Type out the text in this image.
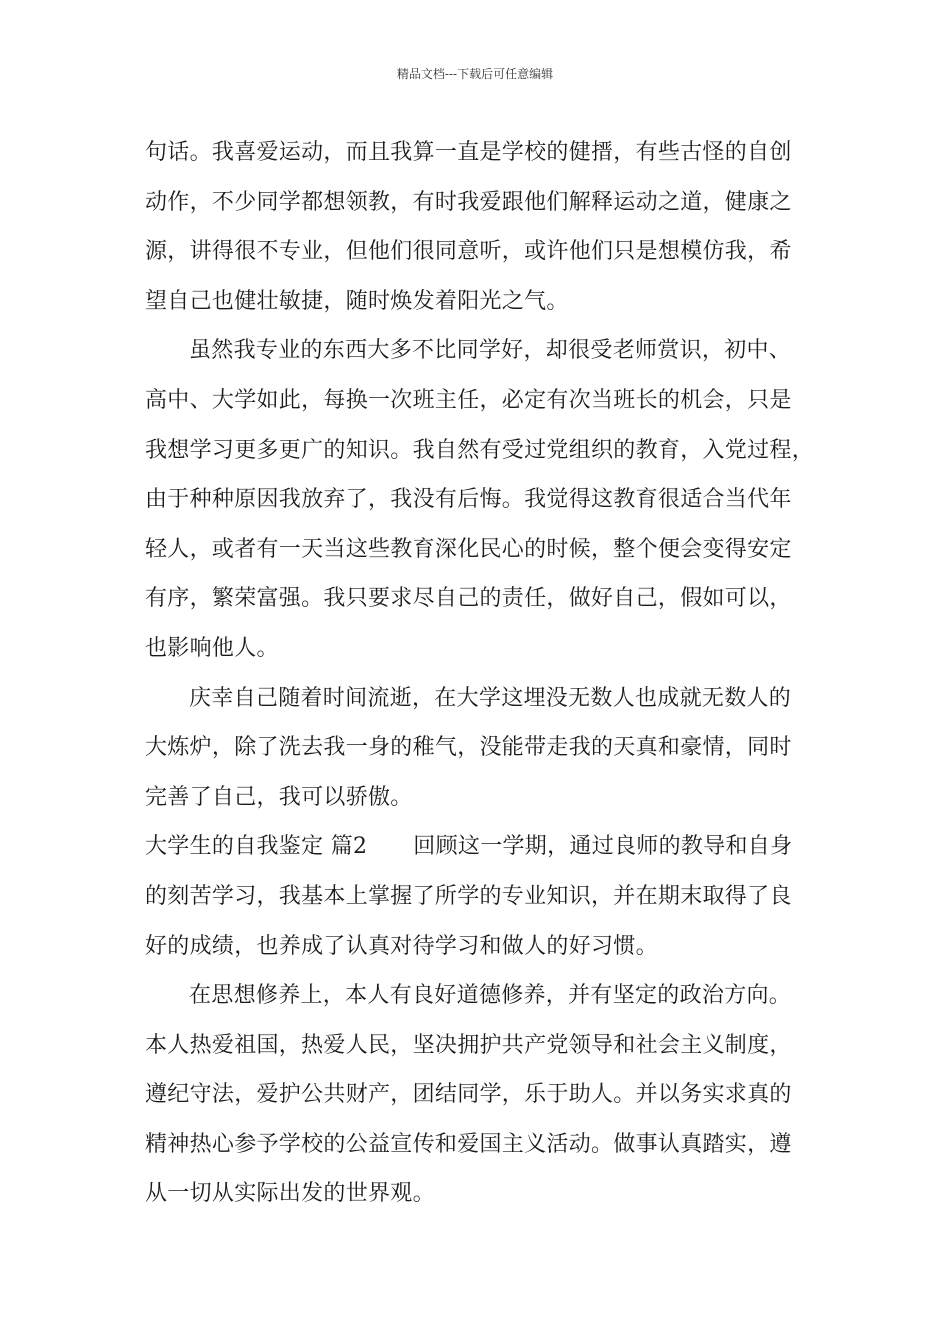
精品文档---下载后可任意编辑
句话。我喜爱运动，而且我算一直是学校的健搢，有些古怪的自创
动作，不少同学都想领教，有时我爱跟他们解释运动之道，健康之
源，讲得很不专业，但他们很同意听，或许他们只是想模仿我，希
望自己也健壮敏捷，随时焕发着阳光之气。
虽然我专业的东西大多不比同学好，却很受老师赏识，初中、
高中、大学如此，每换一次班主任，必定有次当班长的机会，只是
我想学习更多更广的知识。我自然有受过党组织的教育，入党过程，
由于种种原因我放弃了，我没有后悔。我觉得这教育很适合当代年
轻人，或者有一天当这些教育深化民心的时候，整个便会变得安定
有序，繁荣富强。我只要求尽自己的责任，做好自己，假如可以，
也影响他人。
庆幸自己随着时间流逝，在大学这埋没无数人也成就无数人的
大炼炉，除了洗去我一身的稚气，没能带走我的天真和豪情，同时
完善了自己，我可以骄傲。
大学生的自我鉴定 篇2 回顾这一学期，通过良师的教导和自身
的刻苦学习，我基本上掌握了所学的专业知识，并在期末取得了良
好的成绩，也养成了认真对待学习和做人的好习惯。
在思想修养上，本人有良好道德修养，并有坚定的政治方向。
本人热爱祖国，热爱人民，坚决拥护共产党领导和社会主义制度，
遵纪守法，爱护公共财产，团结同学，乐于助人。并以务实求真的
精神热心参予学校的公益宣传和爱国主义活动。做事认真踏实，遵
从一切从实际出发的世界观。
